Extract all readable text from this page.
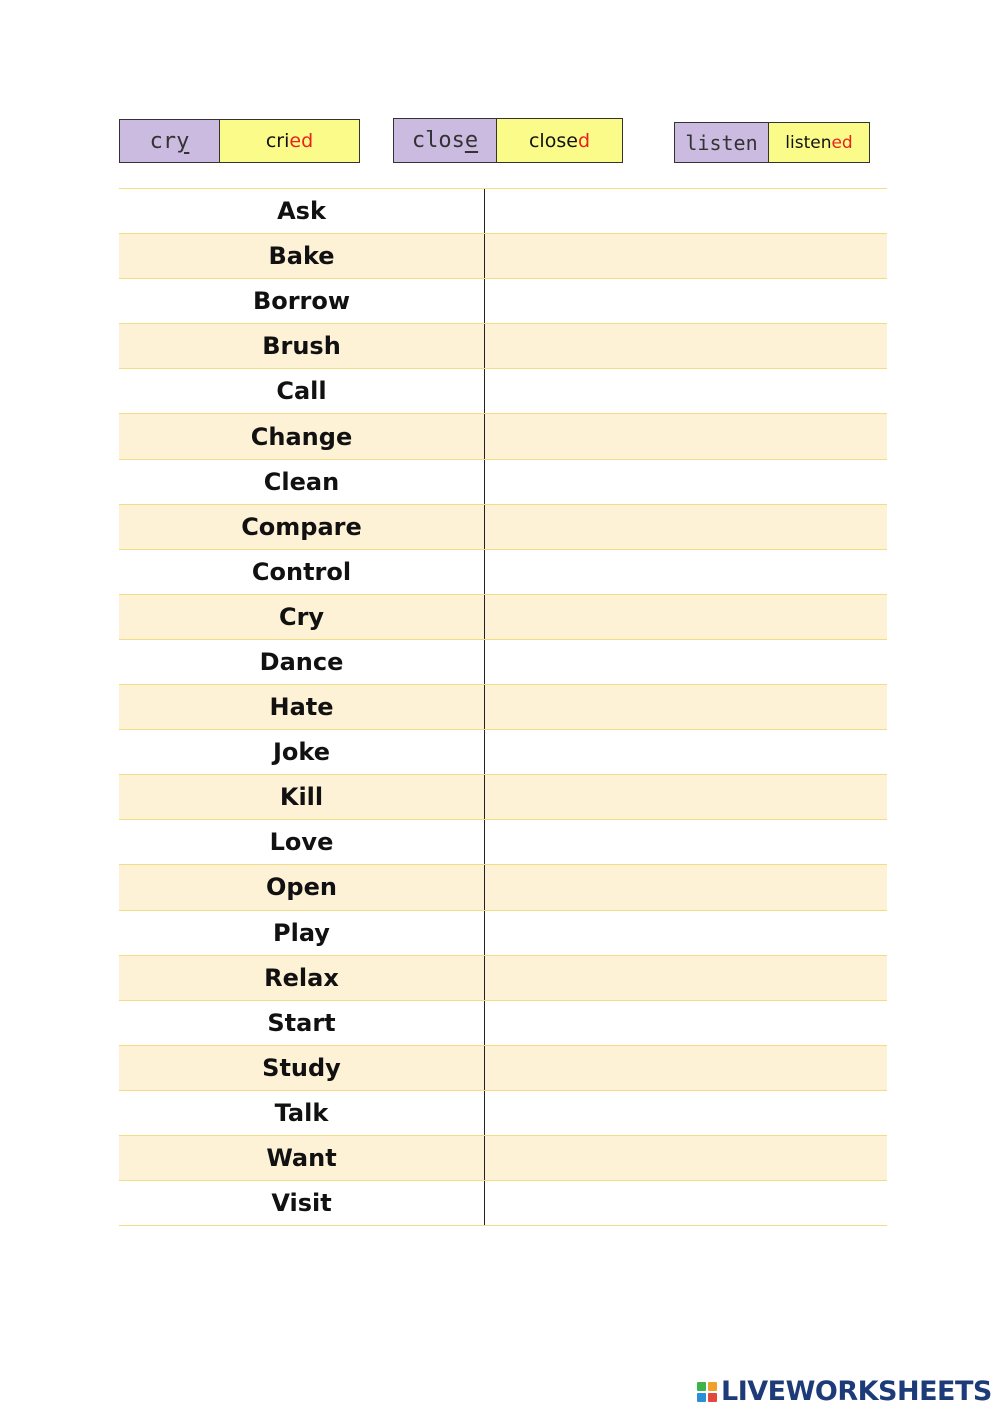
cr y	cri ed	clos e	close d	listen listen ed
Ask
Bake
Borrow
Brush
Call
Change
Clean
Compare
Control
Cry
Dance
Hate
Joke
Kill
Love
Open
Play
Relax
Start
Study
Talk
Want
Visit
LIVEWORKSHEETS
